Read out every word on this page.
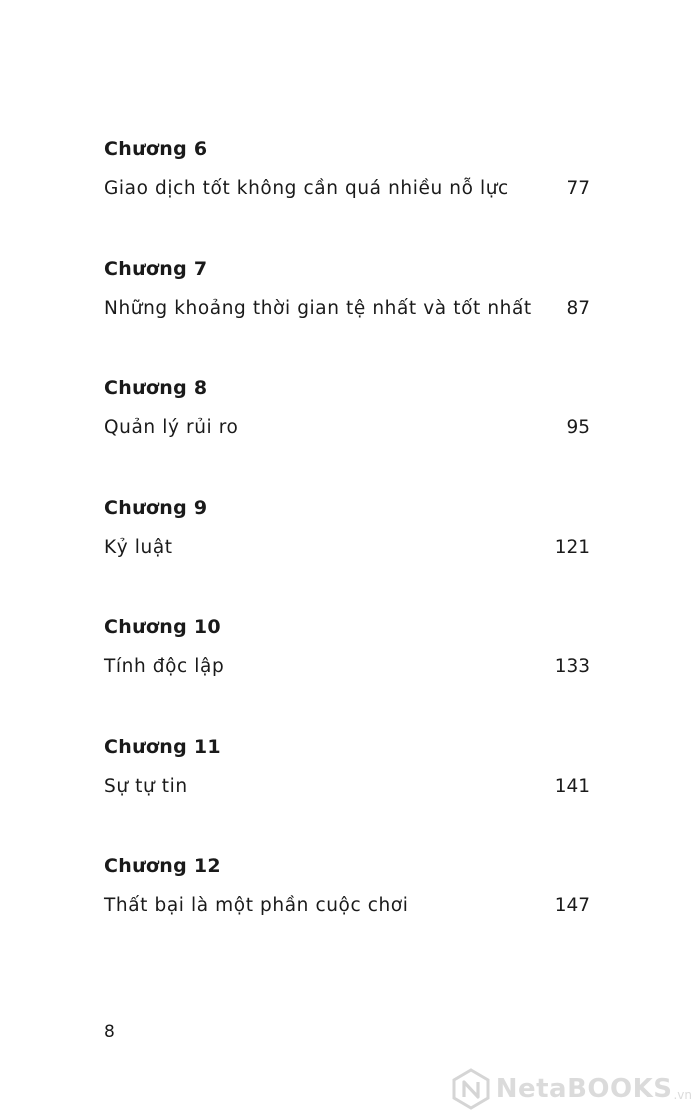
Chương 6
Giao dịch tốt không cần quá nhiều nỗ lực	77
Chương 7
Những khoảng thời gian tệ nhất và tốt nhất 87
Chương 8
Quản lý rủi ro	95
Chương 9
Kỷ luật	121
Chương 10
Tính độc lập	133
Chương 11
Sự tự tin	141
Chương 12
Thất bại là một phần cuộc chơi	147
8
NetaBOOKS .vn
